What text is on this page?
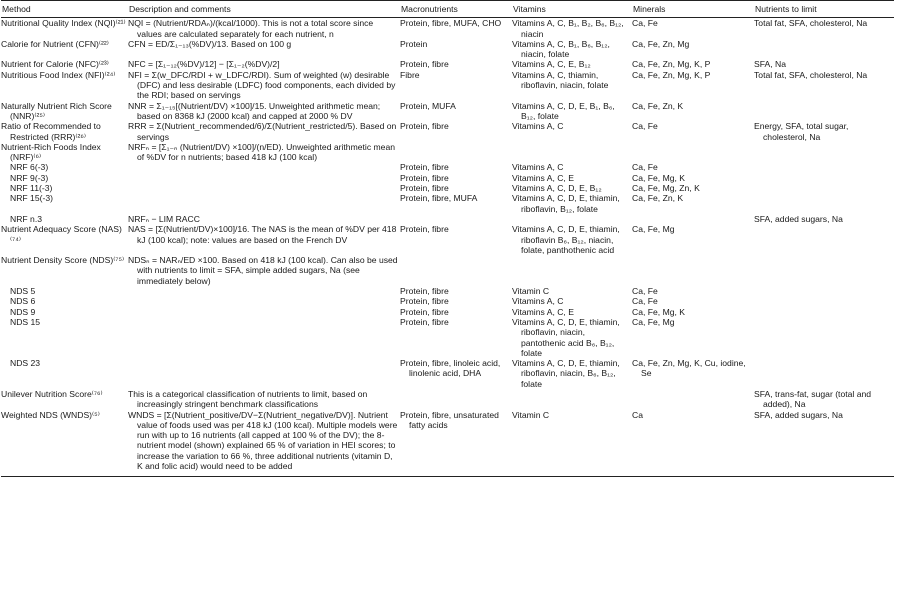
Method	Description and comments	Macronutrients	Vitamins	Minerals	Nutrients to limit
Nutritional Quality Index (NQI)⁽²¹⁾	NQI = (Nutrient/RDAₙ)/(kcal/1000). This is not a total score since values are calculated separately for each nutrient, n	Protein, fibre, MUFA, CHO	Vitamins A, C, B₁, B₂, B₆, B₁₂, niacin	Ca, Fe	Total fat, SFA, cholesterol, Na
Calorie for Nutrient (CFN)⁽²²⁾	CFN = ED/Σ₁₋₁₃(%DV)/13. Based on 100 g	Protein	Vitamins A, C, B₁, B₆, B₁₂, niacin, folate	Ca, Fe, Zn, Mg	
Nutrient for Calorie (NFC)⁽²³⁾	NFC = [Σ₁₋₁₂(%DV)/12] − [Σ₁₋₂(%DV)/2]	Protein, fibre	Vitamins A, C, E, B₁₂	Ca, Fe, Zn, Mg, K, P	SFA, Na
Nutritious Food Index (NFI)⁽²⁴⁾	NFI = Σ(w_DFC/RDI + w_LDFC/RDI). Sum of weighted (w) desirable (DFC) and less desirable (LDFC) food components, each divided by the RDI; based on servings	Fibre	Vitamins A, C, thiamin, riboflavin, niacin, folate	Ca, Fe, Zn, Mg, K, P	Total fat, SFA, cholesterol, Na
Naturally Nutrient Rich Score (NNR)⁽²⁵⁾	NNR = Σ₁₋₁₅[(Nutrient/DV) ×100]/15. Unweighted arithmetic mean; based on 8368 kJ (2000 kcal) and capped at 2000 % DV	Protein, MUFA	Vitamins A, C, D, E, B₁, B₆, B₁₂, folate	Ca, Fe, Zn, K	
Ratio of Recommended to Restricted (RRR)⁽²⁶⁾	RRR = Σ(Nutrient_recommended/6)/Σ(Nutrient_restricted/5). Based on servings	Protein, fibre	Vitamins A, C	Ca, Fe	Energy, SFA, total sugar, cholesterol, Na
Nutrient-Rich Foods Index (NRF)⁽⁶⁾	NRFₙ = [Σ₁₋ₙ (Nutrient/DV) ×100]/(n/ED). Unweighted arithmetic mean of %DV for n nutrients; based 418 kJ (100 kcal)				
NRF 6(-3)		Protein, fibre	Vitamins A, C	Ca, Fe	
NRF 9(-3)		Protein, fibre	Vitamins A, C, E	Ca, Fe, Mg, K	
NRF 11(-3)		Protein, fibre	Vitamins A, C, D, E, B₁₂	Ca, Fe, Mg, Zn, K	
NRF 15(-3)		Protein, fibre, MUFA	Vitamins A, C, D, E, thiamin, riboflavin, B₁₂, folate	Ca, Fe, Zn, K	
NRF n.3	NRFₙ − LIM RACC				SFA, added sugars, Na
Nutrient Adequacy Score (NAS)⁽⁷⁴⁾	NAS = [Σ(Nutrient/DV)×100]/16. The NAS is the mean of %DV per 418 kJ (100 kcal); note: values are based on the French DV	Protein, fibre	Vitamins A, C, D, E, thiamin, riboflavin B₆, B₁₂, niacin, folate, panthothenic acid	Ca, Fe, Mg	
Nutrient Density Score (NDS)⁽⁷⁵⁾	NDSₙ = NARₙ/ED ×100. Based on 418 kJ (100 kcal). Can also be used with nutrients to limit = SFA, simple added sugars, Na (see immediately below)				
NDS 5		Protein, fibre	Vitamin C	Ca, Fe	
NDS 6		Protein, fibre	Vitamins A, C	Ca, Fe	
NDS 9		Protein, fibre	Vitamins A, C, E	Ca, Fe, Mg, K	
NDS 15		Protein, fibre	Vitamins A, C, D, E, thiamin, riboflavin, niacin, pantothenic acid B₆, B₁₂, folate	Ca, Fe, Mg	
NDS 23		Protein, fibre, linoleic acid, linolenic acid, DHA	Vitamins A, C, D, E, thiamin, riboflavin, niacin, B₆, B₁₂, folate	Ca, Fe, Zn, Mg, K, Cu, iodine, Se	
Unilever Nutrition Score⁽⁷⁶⁾	This is a categorical classification of nutrients to limit, based on increasingly stringent benchmark classifications				SFA, trans-fat, sugar (total and added), Na
Weighted NDS (WNDS)⁽⁵⁾	WNDS = [Σ(Nutrient_positive/DV−Σ(Nutrient_negative/DV)]. Nutrient value of foods used was per 418 kJ (100 kcal). Multiple models were run with up to 16 nutrients (all capped at 100 % of the DV); the 8-nutrient model (shown) explained 65 % of variation in HEI scores; to increase the variation to 66 %, three additional nutrients (vitamin D, K and folic acid) would need to be added	Protein, fibre, unsaturated fatty acids	Vitamin C	Ca	SFA, added sugars, Na
